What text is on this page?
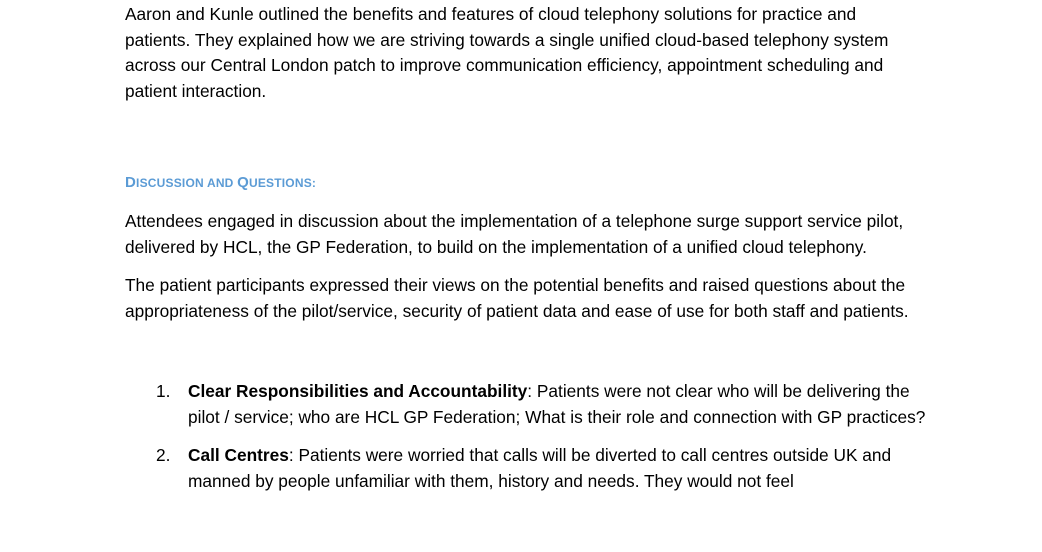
Aaron and Kunle outlined the benefits and features of cloud telephony solutions for practice and patients. They explained how we are striving towards a single unified cloud-based telephony system across our Central London patch to improve communication efficiency, appointment scheduling and patient interaction.

DISCUSSION AND QUESTIONS:

Attendees engaged in discussion about the implementation of a telephone surge support service pilot, delivered by HCL, the GP Federation, to build on the implementation of a unified cloud telephony.

The patient participants expressed their views on the potential benefits and raised questions about the appropriateness of the pilot/service, security of patient data and ease of use for both staff and patients.

1. Clear Responsibilities and Accountability: Patients were not clear who will be delivering the pilot / service; who are HCL GP Federation; What is their role and connection with GP practices?
2. Call Centres: Patients were worried that calls will be diverted to call centres outside UK and manned by people unfamiliar with them, history and needs. They would not feel
